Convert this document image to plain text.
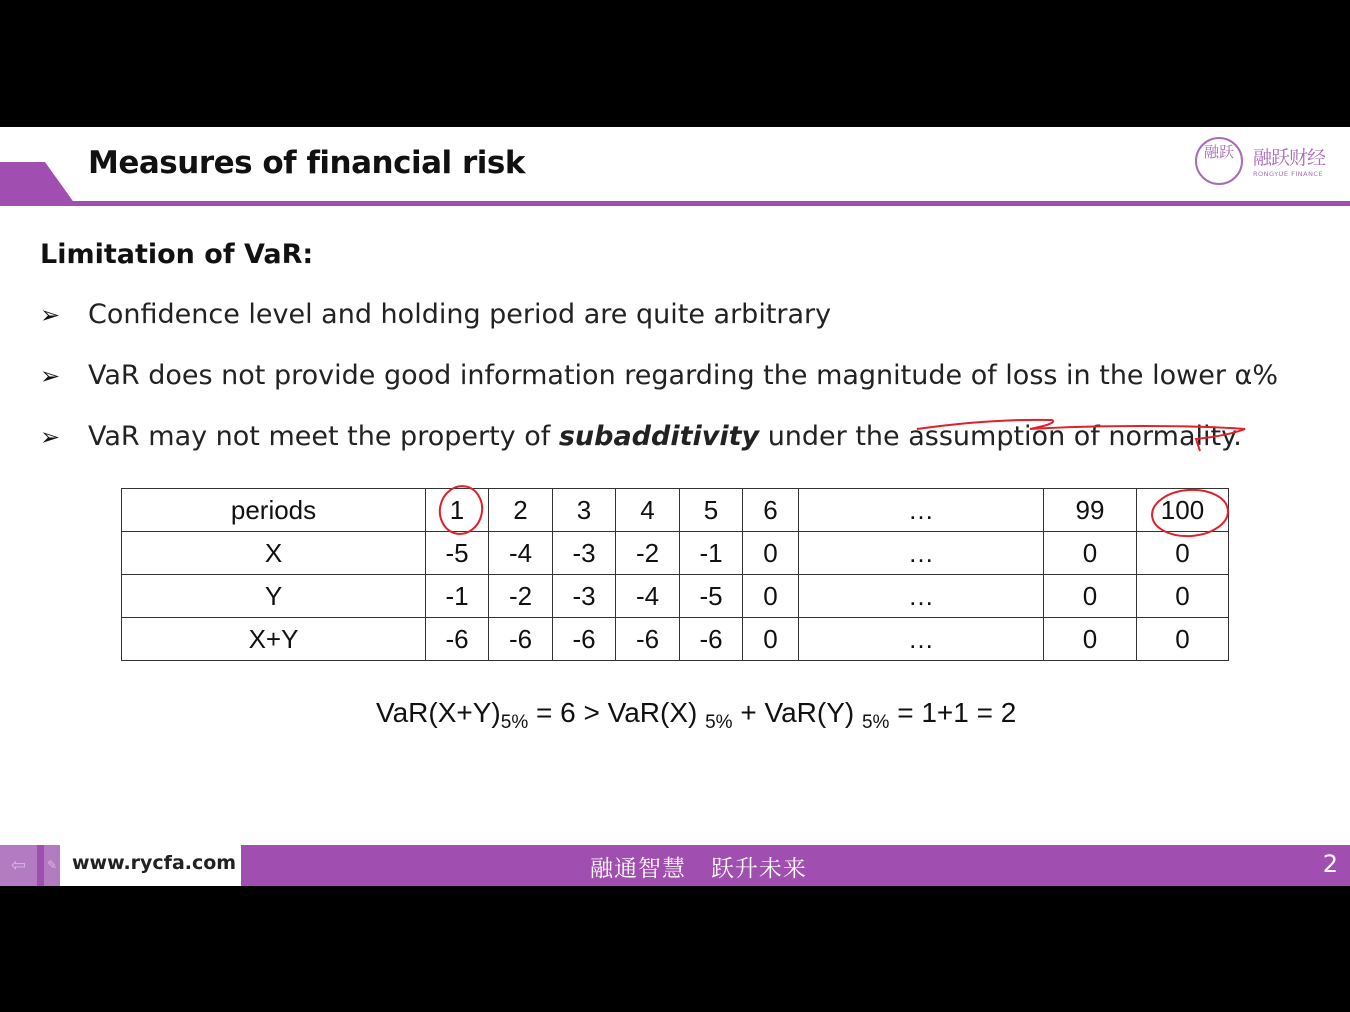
Measures of financial risk	融跃	融跃财经
RONGYUE FINANCE
Limitation of VaR:
➢ Confidence level and holding period are quite arbitrary
➢ VaR does not provide good information regarding the magnitude of loss in the lower α%
➢ VaR may not meet the property of subadditivity under the assumption of normality.
periods	1	2	3	4	5	6	…	99	100
X	-5	-4	-3	-2	-1	0	…	0	0
Y	-1	-2	-3	-4	-5	0	…	0	0
X+Y	-6	-6	-6	-6	-6	0	…	0	0
$VaR(X+Y)_{5\%} = 6 > VaR(X) _{5\%} + VaR(Y) _{5\%} = 1+1 = 2$
⇦	✎ www.rycfa.com	融通智慧   跃升未来	2
